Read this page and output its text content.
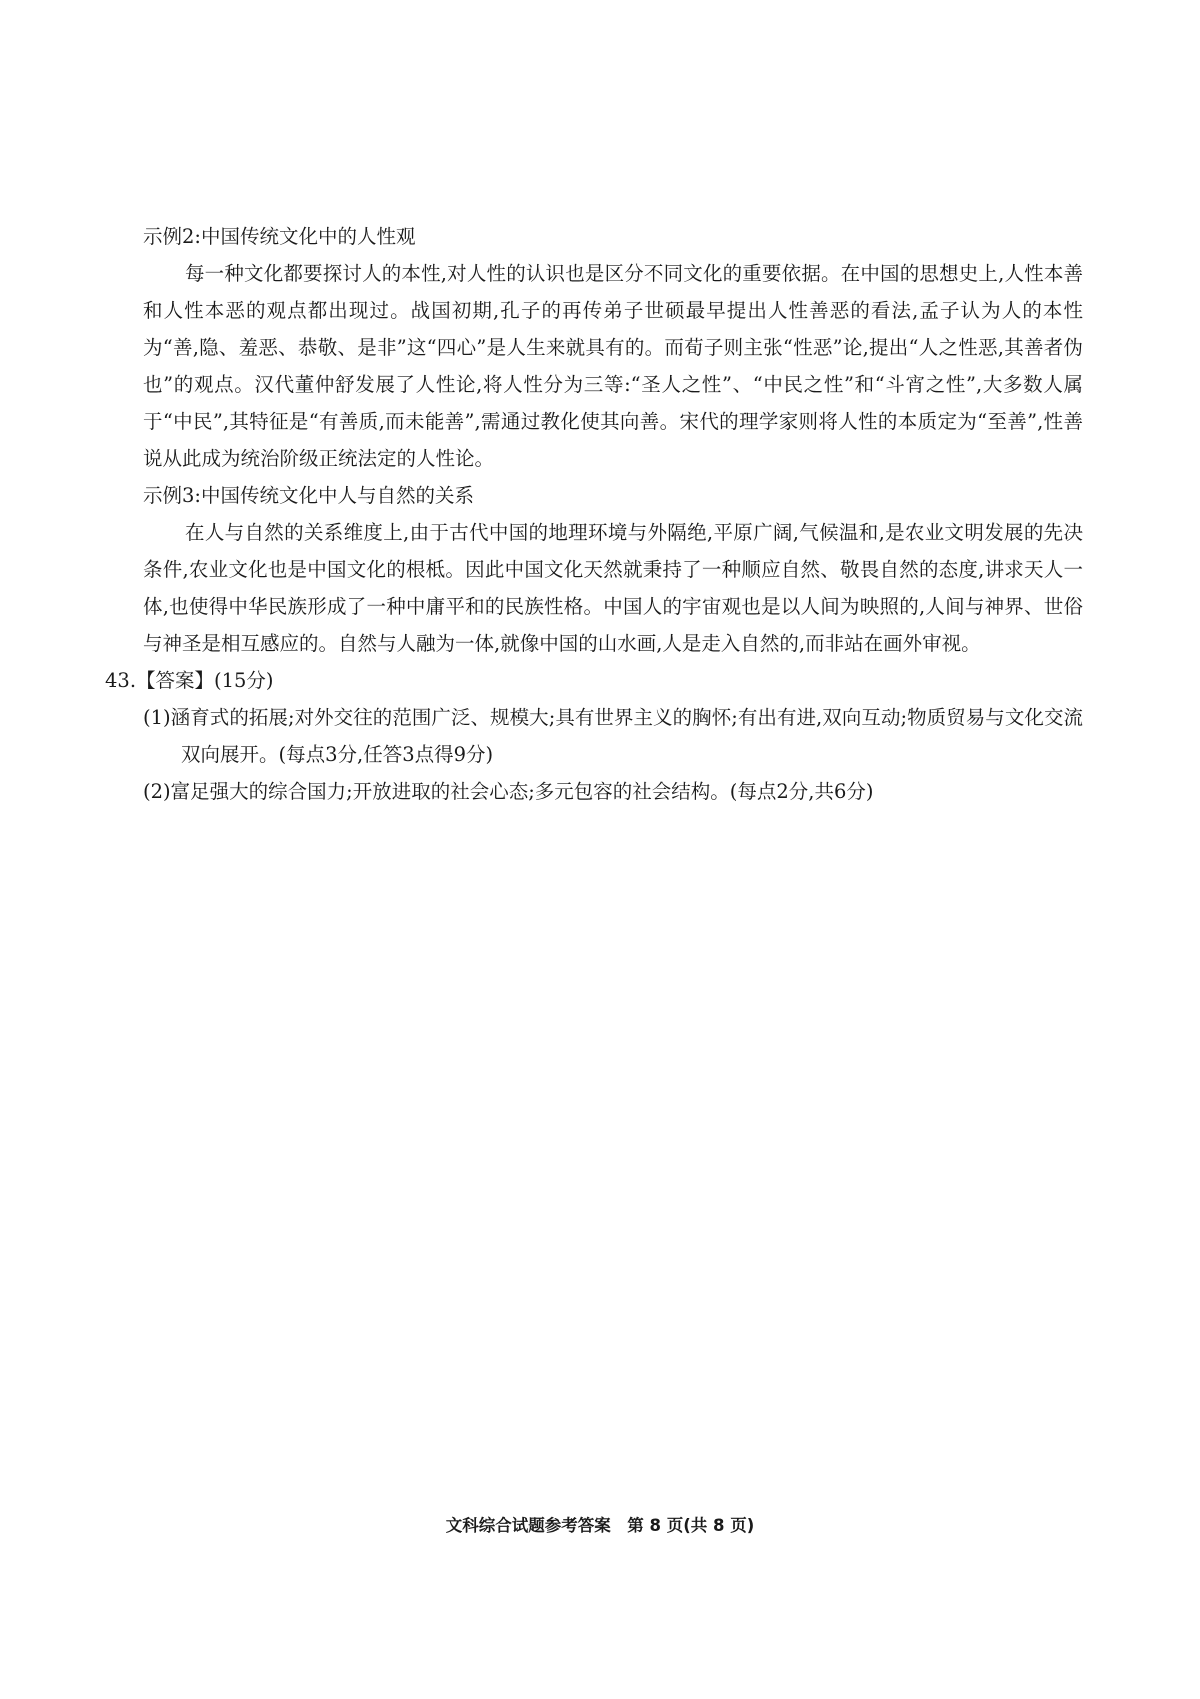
示例2:中国传统文化中的人性观

每一种文化都要探讨人的本性,对人性的认识也是区分不同文化的重要依据。在中国的思想史上,人性本善和人性本恶的观点都出现过。战国初期,孔子的再传弟子世硕最早提出人性善恶的看法,孟子认为人的本性为“善,隐、羞恶、恭敬、是非”这“四心”是人生来就具有的。而荀子则主张“性恶”论,提出“人之性恶,其善者伪也”的观点。汉代董仲舒发展了人性论,将人性分为三等:“圣人之性”、“中民之性”和“斗宵之性”,大多数人属于“中民”,其特征是“有善质,而未能善”,需通过教化使其向善。宋代的理学家则将人性的本质定为“至善”,性善说从此成为统治阶级正统法定的人性论。

示例3:中国传统文化中人与自然的关系

在人与自然的关系维度上,由于古代中国的地理环境与外隔绝,平原广阔,气候温和,是农业文明发展的先决条件,农业文化也是中国文化的根柢。因此中国文化天然就秉持了一种顺应自然、敬畏自然的态度,讲求天人一体,也使得中华民族形成了一种中庸平和的民族性格。中国人的宇宙观也是以人间为映照的,人间与神界、世俗与神圣是相互感应的。自然与人融为一体,就像中国的山水画,人是走入自然的,而非站在画外审视。

43.【答案】(15分)

(1)涵育式的拓展;对外交往的范围广泛、规模大;具有世界主义的胸怀;有出有进,双向互动;物质贸易与文化交流双向展开。(每点3分,任答3点得9分)

(2)富足强大的综合国力;开放进取的社会心态;多元包容的社会结构。(每点2分,共6分)

文科综合试题参考答案　第 8 页(共 8 页)
